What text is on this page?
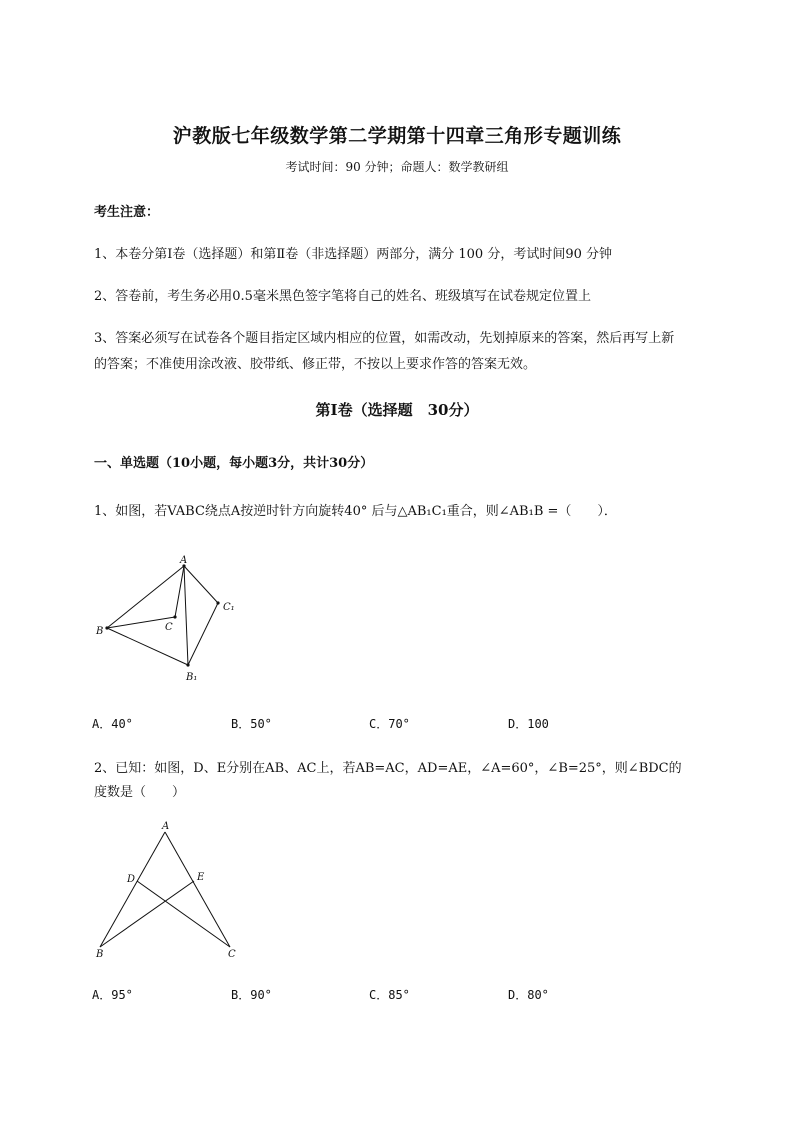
沪教版七年级数学第二学期第十四章三角形专题训练
考试时间：90 分钟；命题人：数学教研组
考生注意：
1、本卷分第Ⅰ卷（选择题）和第Ⅱ卷（非选择题）两部分，满分 100 分，考试时间90 分钟
2、答卷前，考生务必用0.5毫米黑色签字笔将自己的姓名、班级填写在试卷规定位置上
3、答案必须写在试卷各个题目指定区域内相应的位置，如需改动，先划掉原来的答案，然后再写上新
的答案；不准使用涂改液、胶带纸、修正带，不按以上要求作答的答案无效。
第Ⅰ卷（选择题　30分）
一、单选题（10小题，每小题3分，共计30分）
1、如图，若VABC绕点A按逆时针方向旋转40° 后与△AB₁C₁重合，则∠AB₁B =（　　）．
A
B	C
C₁
B₁
A．40°	B．50°	C．70°	D．100
2、已知：如图，D、E分别在AB、AC上，若AB=AC，AD=AE，∠A=60°，∠B=25°，则∠BDC的
度数是（　　）
A
D	E
B	C
A．95°	B．90°	C．85°	D．80°
